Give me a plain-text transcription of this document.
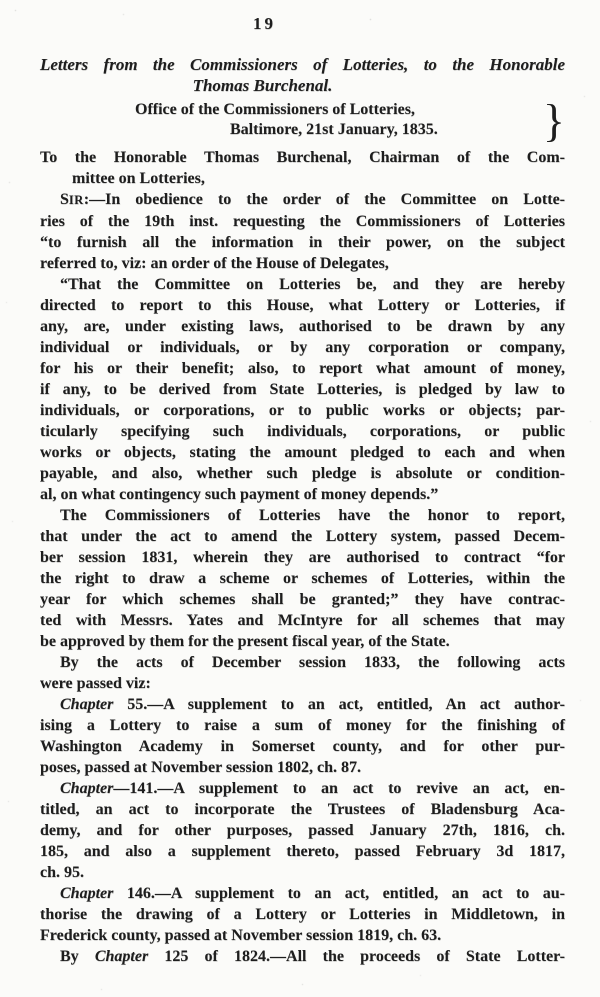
19
Letters from the Commissioners of Lotteries, to the Honorable
Thomas Burchenal.
Office of the Commissioners of Lotteries,
Baltimore, 21st January, 1835.	}
To the Honorable Thomas Burchenal, Chairman of the Com-
mittee on Lotteries,
SIR:—In obedience to the order of the Committee on Lotte-
ries of the 19th inst. requesting the Commissioners of Lotteries
“to furnish all the information in their power, on the subject
referred to, viz: an order of the House of Delegates,
“That the Committee on Lotteries be, and they are hereby
directed to report to this House, what Lottery or Lotteries, if
any, are, under existing laws, authorised to be drawn by any
individual or individuals, or by any corporation or company,
for his or their benefit; also, to report what amount of money,
if any, to be derived from State Lotteries, is pledged by law to
individuals, or corporations, or to public works or objects; par-
ticularly specifying such individuals, corporations, or public
works or objects, stating the amount pledged to each and when
payable, and also, whether such pledge is absolute or condition-
al, on what contingency such payment of money depends.”
The Commissioners of Lotteries have the honor to report,
that under the act to amend the Lottery system, passed Decem-
ber session 1831, wherein they are authorised to contract “for
the right to draw a scheme or schemes of Lotteries, within the
year for which schemes shall be granted;” they have contrac-
ted with Messrs. Yates and McIntyre for all schemes that may
be approved by them for the present fiscal year, of the State.
By the acts of December session 1833, the following acts
were passed viz:
Chapter 55.—A supplement to an act, entitled, An act author-
ising a Lottery to raise a sum of money for the finishing of
Washington Academy in Somerset county, and for other pur-
poses, passed at November session 1802, ch. 87.
Chapter—141.—A supplement to an act to revive an act, en-
titled, an act to incorporate the Trustees of Bladensburg Aca-
demy, and for other purposes, passed January 27th, 1816, ch.
185, and also a supplement thereto, passed February 3d 1817,
ch. 95.
Chapter 146.—A supplement to an act, entitled, an act to au-
thorise the drawing of a Lottery or Lotteries in Middletown, in
Frederick county, passed at November session 1819, ch. 63.
By Chapter 125 of 1824.—All the proceeds of State Lotter-
